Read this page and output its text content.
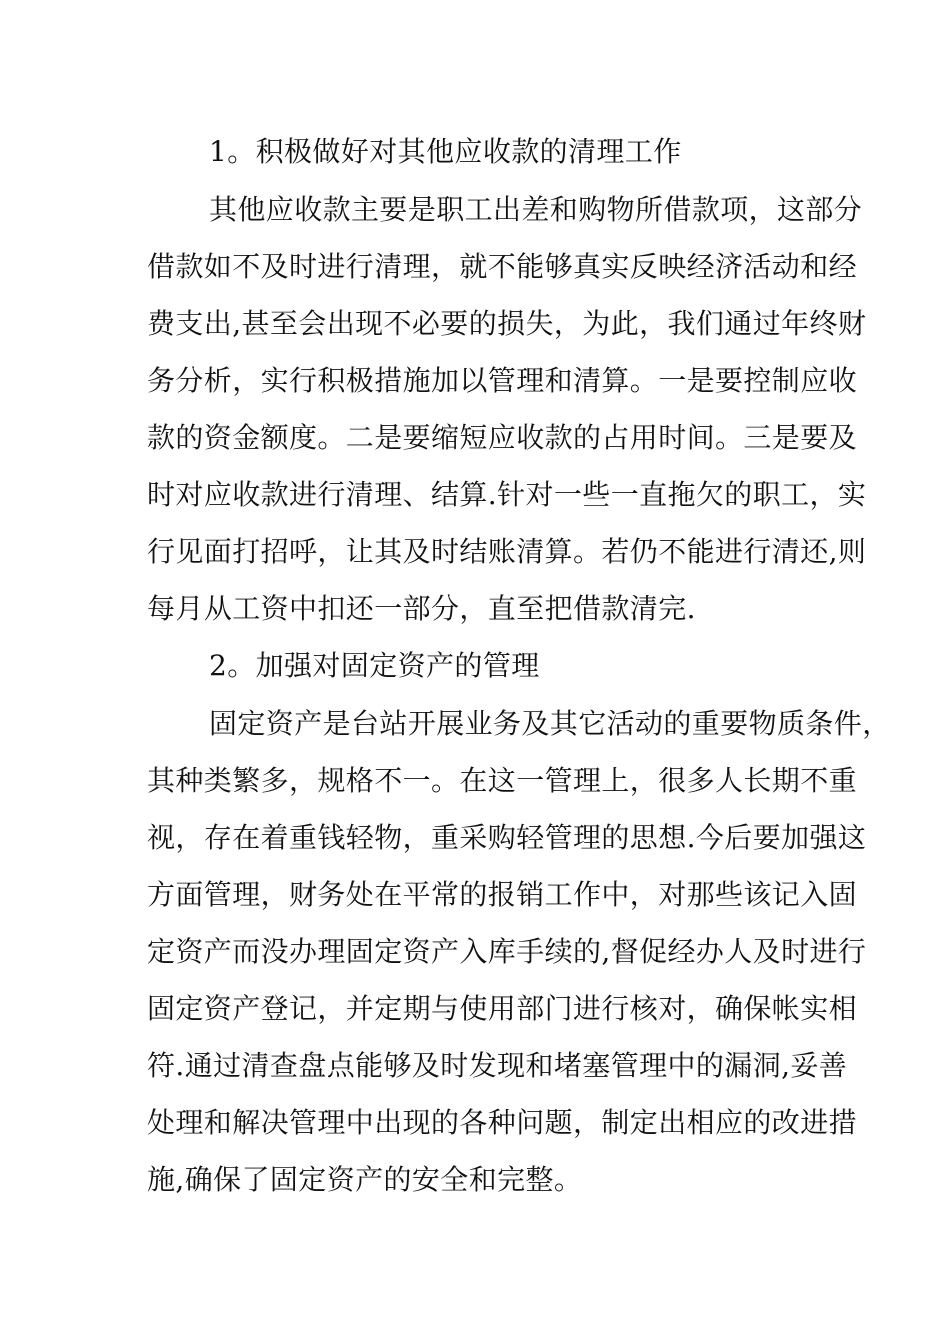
1。积极做好对其他应收款的清理工作
其他应收款主要是职工出差和购物所借款项，这部分
借款如不及时进行清理，就不能够真实反映经济活动和经
费支出,甚至会出现不必要的损失，为此，我们通过年终财
务分析，实行积极措施加以管理和清算。一是要控制应收
款的资金额度。二是要缩短应收款的占用时间。三是要及
时对应收款进行清理、结算.针对一些一直拖欠的职工，实
行见面打招呼，让其及时结账清算。若仍不能进行清还,则
每月从工资中扣还一部分，直至把借款清完.
2。加强对固定资产的管理
固定资产是台站开展业务及其它活动的重要物质条件，
其种类繁多，规格不一。在这一管理上，很多人长期不重
视，存在着重钱轻物，重采购轻管理的思想.今后要加强这
方面管理，财务处在平常的报销工作中，对那些该记入固
定资产而没办理固定资产入库手续的,督促经办人及时进行
固定资产登记，并定期与使用部门进行核对，确保帐实相
符.通过清查盘点能够及时发现和堵塞管理中的漏洞,妥善
处理和解决管理中出现的各种问题，制定出相应的改进措
施,确保了固定资产的安全和完整。
